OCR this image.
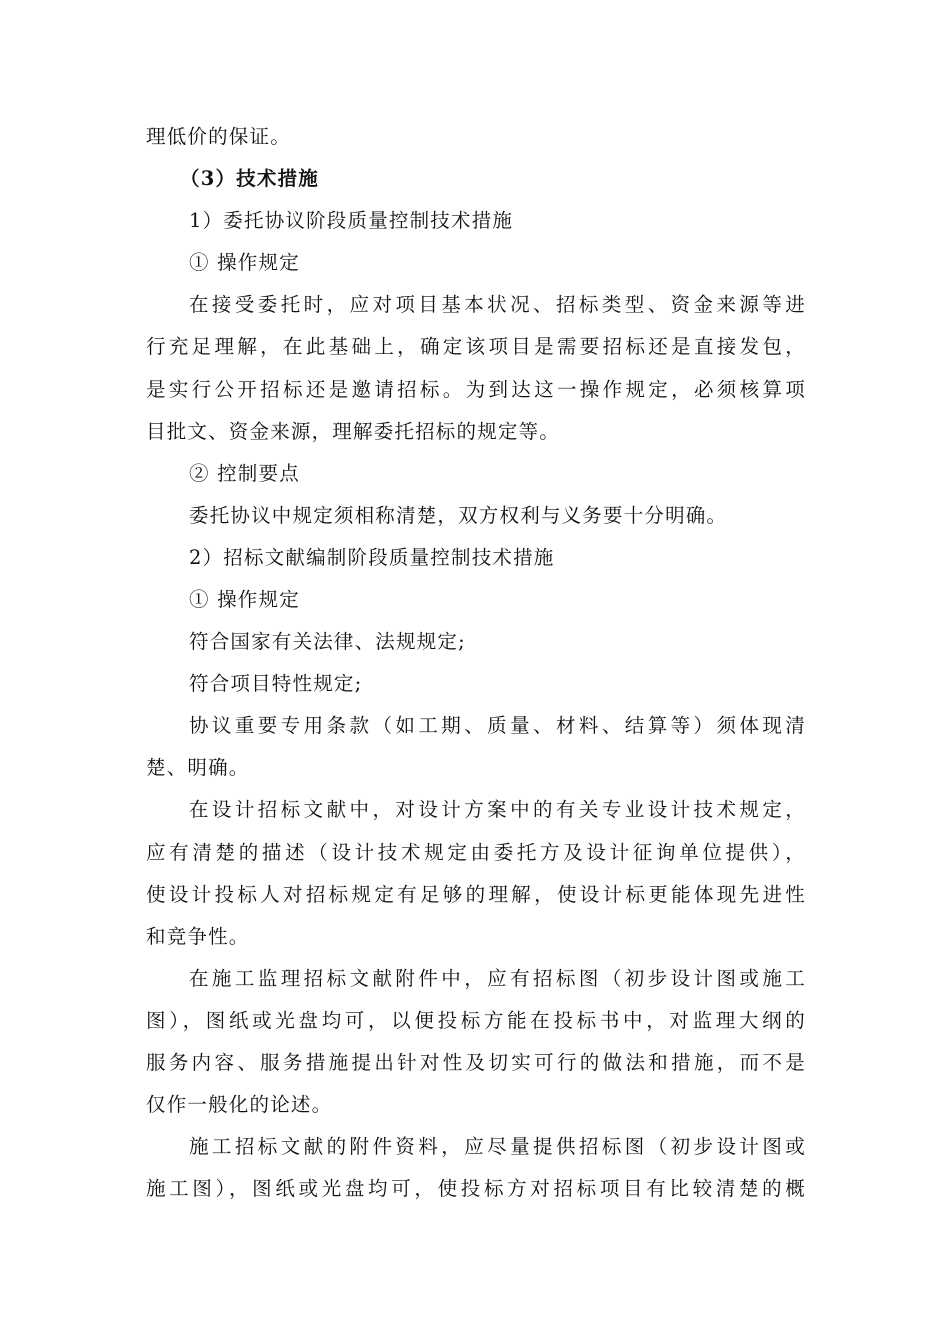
理低价的保证。
（3）技术措施
1）委托协议阶段质量控制技术措施
① 操作规定
在接受委托时，应对项目基本状况、招标类型、资金来源等进
行充足理解，在此基础上，确定该项目是需要招标还是直接发包，
是实行公开招标还是邀请招标。为到达这一操作规定，必须核算项
目批文、资金来源，理解委托招标的规定等。
② 控制要点
委托协议中规定须相称清楚，双方权利与义务要十分明确。
2）招标文献编制阶段质量控制技术措施
① 操作规定
符合国家有关法律、法规规定;
符合项目特性规定;
协议重要专用条款（如工期、质量、材料、结算等）须体现清
楚、明确。
在设计招标文献中，对设计方案中的有关专业设计技术规定，
应有清楚的描述（设计技术规定由委托方及设计征询单位提供），
使设计投标人对招标规定有足够的理解，使设计标更能体现先进性
和竞争性。
在施工监理招标文献附件中，应有招标图（初步设计图或施工
图），图纸或光盘均可，以便投标方能在投标书中，对监理大纲的
服务内容、服务措施提出针对性及切实可行的做法和措施，而不是
仅作一般化的论述。
施工招标文献的附件资料，应尽量提供招标图（初步设计图或
施工图），图纸或光盘均可，使投标方对招标项目有比较清楚的概
